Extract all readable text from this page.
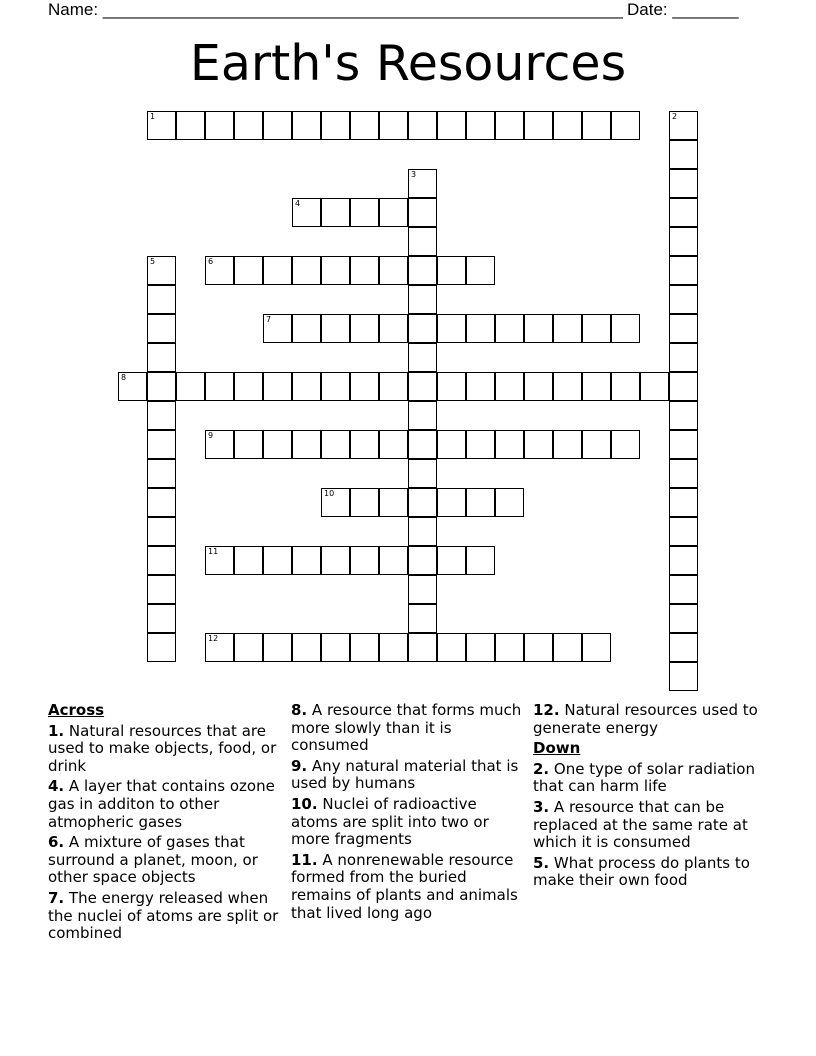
Name: _______________________________________________________ Date: _______
Earth's Resources
1	2
3
4
5	6
7
8
9
10
11
12
Across
1. Natural resources that are used to make objects, food, or drink
4. A layer that contains ozone gas in additon to other atmopheric gases
6. A mixture of gases that surround a planet, moon, or other space objects
7. The energy released when the nuclei of atoms are split or combined
8. A resource that forms much more slowly than it is consumed
9. Any natural material that is used by humans
10. Nuclei of radioactive atoms are split into two or more fragments
11. A nonrenewable resource formed from the buried remains of plants and animals that lived long ago
12. Natural resources used to generate energy
Down
2. One type of solar radiation that can harm life
3. A resource that can be replaced at the same rate at which it is consumed
5. What process do plants to make their own food
